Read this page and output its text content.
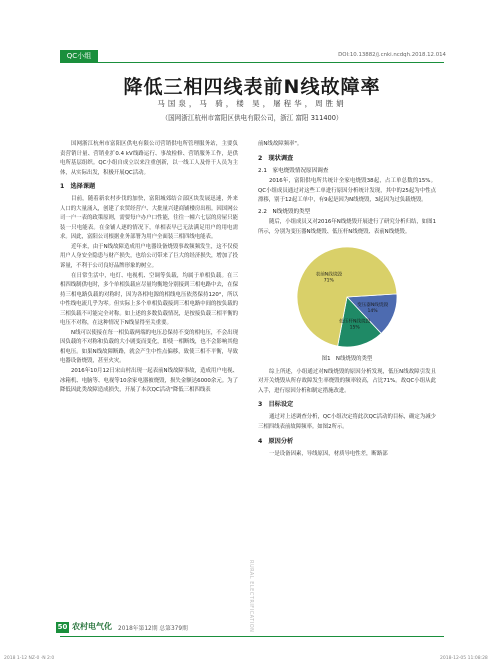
QC小组	DOI:10.13882/j.cnki.ncdqh.2018.12.014
降低三相四线表前N线故障率
马国泉，马 骑，楼 昊，屠程华，周胜娟
（国网浙江杭州市富阳区供电有限公司，浙江 富阳 311400）

国网浙江杭州市富阳区供电有限公司营销供电所管理服务站，主要负责营销计量、营销业扩0.4 kV线路运行、事故检修、营销服务工作，是供电所基层组织。QC小组自成立以来注重创新，以一线工人及骨干人员为主体，从实际出发，积极开展QC活动。

1　选择课题

目前，随着新农村步伐的加快，富阳城郊结合部区块发展迅速，外来人口的大量涌入，创建了农贸经营户、大批量兴建商铺楼房出租。因国网公司一户一表的政策原则，需要每户办户口性能，往往一幢六七层的房屋只能装一只电能表。在金铺人逐的情况下，单相表早已无法满足用户的用电需求。因此，富阳公司根据业务部署为用户全面装三相四线电能表。

近年来，由于N线故障造成用户电器设备烧毁事故频频发生，这不仅使用户人身安全隐患与财产损失，也给公司带来了巨大的经济损失，增加了投诉量，不利于公司良好品牌形象的树立。

在日常生活中，电灯、电视机、空调等负载，均属于单相负载。在三相四线制供电时，多个单相负载应尽量均衡地分别接到三相电路中去，在保持三相电路负载的对称时，因为各相电源的相线电压依然保持120°，所以中性线电流几乎为零。但实际上多个单相负载接到三相电路中间的按负载的三相负载不可能完全对称。如上述的多数负载情况，是按接负载三相平衡的电压不对称，在这种情况下N线显得至关重要。

N线可以使接在每一相负载两端的电压总保持不变的相电压，不会出现因负载的不对称和负载的大小剧变而变化，即使一相断线，也不会影响其他相电压。如果N线故障断路，就会产生中性点偏移，致使三相不平衡，导致电器设备烧毁，甚至火灾。

2016年10月12日宋山村出现一起表前N线故障事故，造成用户电视、冰箱机、电脑等、电视等10余家电器被烧毁，损失金额达6000余元。为了降低因此类故障造成损失，开展了本次QC活动"降低三相四线表

前N线故障频率"。

2　现状调查
2.1　家电烧毁情况原因调查

2016年，富阳供电所共统计全家电烧毁38起，占工单总数的15%。QC小组成员通过对这些工单进行原因分析统计发现，其中的25起为中性点漂移，别于12起工单中，有9起是因为N线烧毁，3起因为过负载烧毁。

2.2　N线烧毁的类型

随后，小组成员又对2016年N线烧毁开展进行了研究分析归结，如图1所示，分别为变压器N线烧毁、低压杆N线烧毁、表前N线烧毁。

变压器N线烧毁
14%
低压杆N线烧毁
15%
表前N线烧毁
71%
图1　N线烧毁的类型

综上所述，小组通过对N线烧毁的原因分析发现，低压N线故障引发且对开关烧毁从所存故障发生率烧毁的频率较高，占比71%。故QC小组从此入手，进行原因分析和制定措施改进。

3　目标设定

通过对上述调查分析，QC小组决定将此次QC活动的目标，确定为减少三相四线表前故障频率。如图2所示。

4　原因分析

一是设备因素，导线原因，材质导电性差，断路部

RURAL ELECTRIFICATION
50 农村电气化 2018年第12期 总第379期
2018 1-12 NZ-0 ·N 2:0	2018-12-05 11:08:28
